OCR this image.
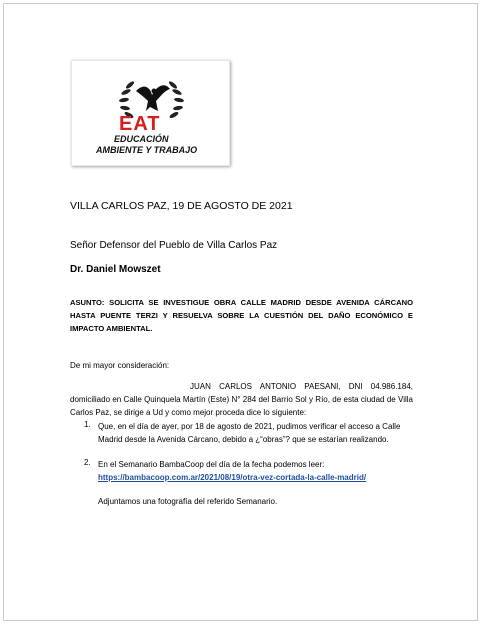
EAT
EDUCACIÓN
AMBIENTE Y TRABAJO
VILLA CARLOS PAZ, 19 DE AGOSTO DE 2021
Señor Defensor del Pueblo de Villa Carlos Paz
Dr. Daniel Mowszet
ASUNTO: SOLICITA SE INVESTIGUE OBRA CALLE MADRID DESDE AVENIDA CÁRCANO HASTA PUENTE TERZI Y RESUELVA SOBRE LA CUESTIÓN DEL DAÑO ECONÓMICO E IMPACTO AMBIENTAL.
De mi mayor consideración:
JUAN CARLOS ANTONIO PAESANI, DNI 04.986.184, domiciliado en Calle Quinquela Martín (Este) N° 284 del Barrio Sol y Río, de esta ciudad de Villa Carlos Paz, se dirige a Ud y como mejor proceda dice lo siguiente:
1. Que, en el día de ayer, por 18 de agosto de 2021, pudimos verificar el acceso a Calle
Madrid desde la Avenida Cárcano, debido a ¿“obras”? que se estarían realizando.
2. En el Semanario BambaCoop del día de la fecha podemos leer:
https://bambacoop.com.ar/2021/08/19/otra-vez-cortada-la-calle-madrid/
Adjuntamos una fotografía del referido Semanario.
